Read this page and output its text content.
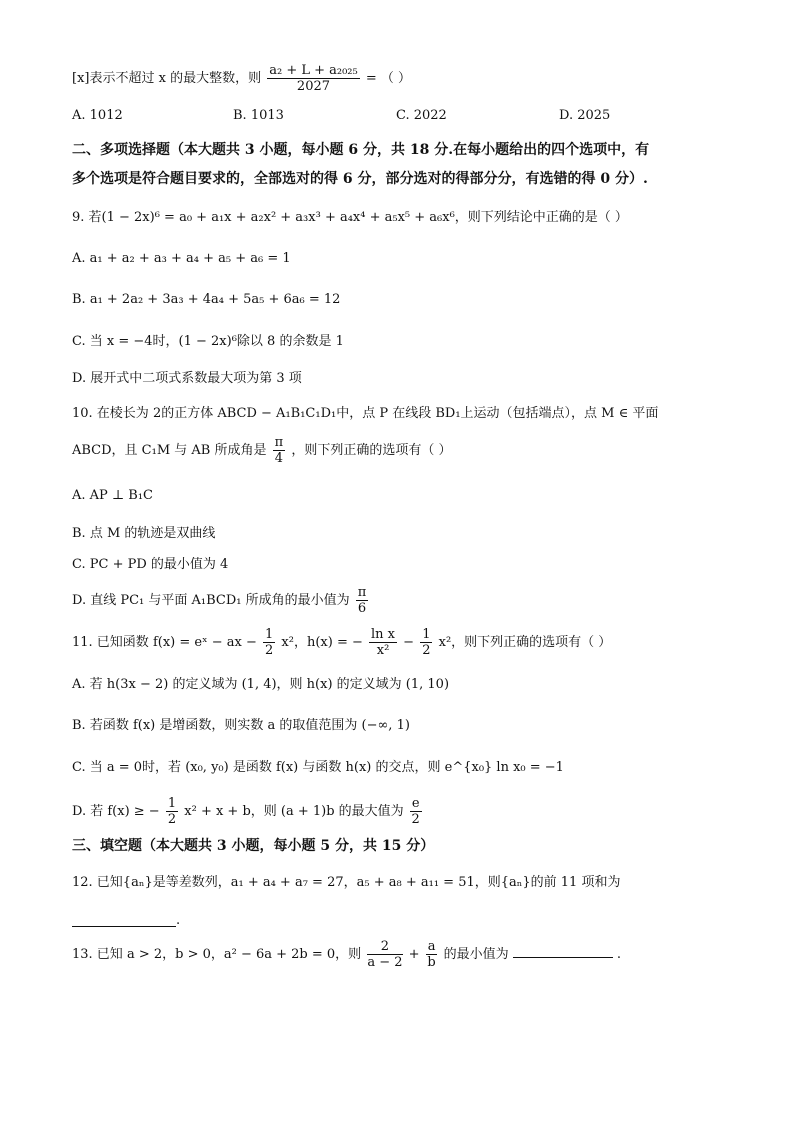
[x]表示不超过 x 的最大整数，则 $\frac{\text{a₂ + L + a₂₀₂₅}}{2027}$ = （ ）
A. 1012	B. 1013	C. 2022	D. 2025
二、多项选择题（本大题共 3 小题，每小题 6 分，共 18 分.在每小题给出的四个选项中，有
多个选项是符合题目要求的，全部选对的得 6 分，部分选对的得部分分，有选错的得 0 分）.
9. 若(1 − 2x)⁶ = a₀ + a₁x + a₂x² + a₃x³ + a₄x⁴ + a₅x⁵ + a₆x⁶，则下列结论中正确的是（ ）
A. a₁ + a₂ + a₃ + a₄ + a₅ + a₆ = 1
B. a₁ + 2a₂ + 3a₃ + 4a₄ + 5a₅ + 6a₆ = 12
C. 当 x = −4时，(1 − 2x)⁶除以 8 的余数是 1
D. 展开式中二项式系数最大项为第 3 项
10. 在棱长为 2的正方体 ABCD − A₁B₁C₁D₁中，点 P 在线段 BD₁上运动（包括端点），点 M ∈ 平面
ABCD，且 C₁M 与 AB 所成角是 $\frac{\pi}{4}$ ，则下列正确的选项有（ ）
A. AP ⊥ B₁C
B. 点 M 的轨迹是双曲线
C. PC + PD 的最小值为 4
D. 直线 PC₁ 与平面 A₁BCD₁ 所成角的最小值为 $\frac{\pi}{6}$
11. 已知函数 f(x) = eˣ − ax − $\frac{1}{2} x^2$，h(x) = − $\frac{\text{ln x}}{\text{x²}} - \frac{1}{2} x^2$，则下列正确的选项有（ ）
A. 若 h(3x − 2) 的定义域为 (1, 4)，则 h(x) 的定义域为 (1, 10)
B. 若函数 f(x) 是增函数，则实数 a 的取值范围为 (−∞, 1)
C. 当 a = 0时，若 (x₀, y₀) 是函数 f(x) 与函数 h(x) 的交点，则 e^{x₀} ln x₀ = −1
D. 若 f(x) ≥ − $\frac{1}{2} x^2 + x + b$，则 (a + 1)b 的最大值为 $\frac{e}{2}$
三、填空题（本大题共 3 小题，每小题 5 分，共 15 分）
12. 已知{aₙ}是等差数列，a₁ + a₄ + a₇ = 27，a₅ + a₈ + a₁₁ = 51，则{aₙ}的前 11 项和为
.
13. 已知 a > 2，b > 0，a² − 6a + 2b = 0，则 $\frac{2}{a - 2} + \frac{a}{b}$ 的最小值为	.
